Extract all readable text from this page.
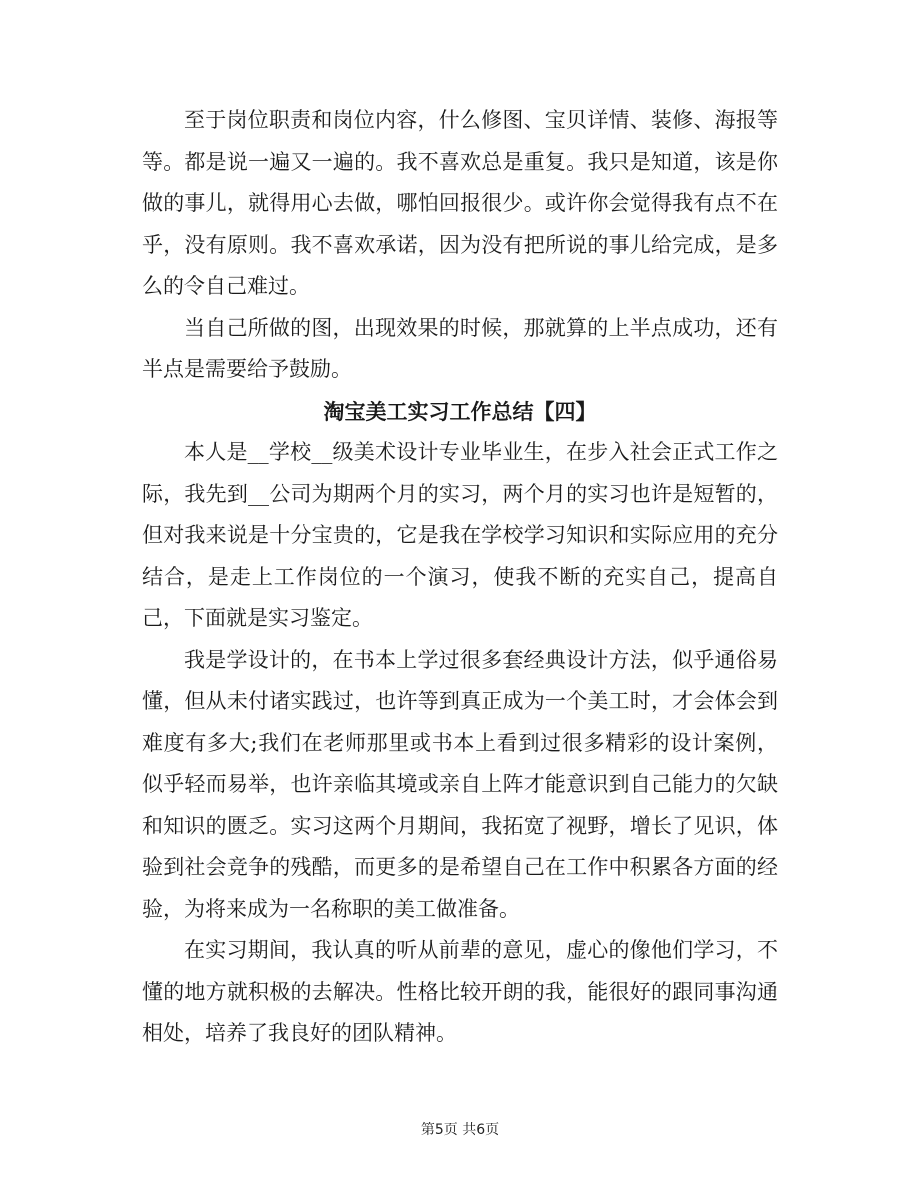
至于岗位职责和岗位内容，什么修图、宝贝详情、装修、海报等等。都是说一遍又一遍的。我不喜欢总是重复。我只是知道，该是你做的事儿，就得用心去做，哪怕回报很少。或许你会觉得我有点不在乎，没有原则。我不喜欢承诺，因为没有把所说的事儿给完成，是多么的令自己难过。

当自己所做的图，出现效果的时候，那就算的上半点成功，还有半点是需要给予鼓励。

淘宝美工实习工作总结【四】

本人是__学校__级美术设计专业毕业生，在步入社会正式工作之际，我先到__公司为期两个月的实习，两个月的实习也许是短暂的，但对我来说是十分宝贵的，它是我在学校学习知识和实际应用的充分结合，是走上工作岗位的一个演习，使我不断的充实自己，提高自己，下面就是实习鉴定。

我是学设计的，在书本上学过很多套经典设计方法，似乎通俗易懂，但从未付诸实践过，也许等到真正成为一个美工时，才会体会到难度有多大;我们在老师那里或书本上看到过很多精彩的设计案例，似乎轻而易举，也许亲临其境或亲自上阵才能意识到自己能力的欠缺和知识的匮乏。实习这两个月期间，我拓宽了视野，增长了见识，体验到社会竞争的残酷，而更多的是希望自己在工作中积累各方面的经验，为将来成为一名称职的美工做准备。

在实习期间，我认真的听从前辈的意见，虚心的像他们学习，不懂的地方就积极的去解决。性格比较开朗的我，能很好的跟同事沟通相处，培养了我良好的团队精神。

第5页 共6页
